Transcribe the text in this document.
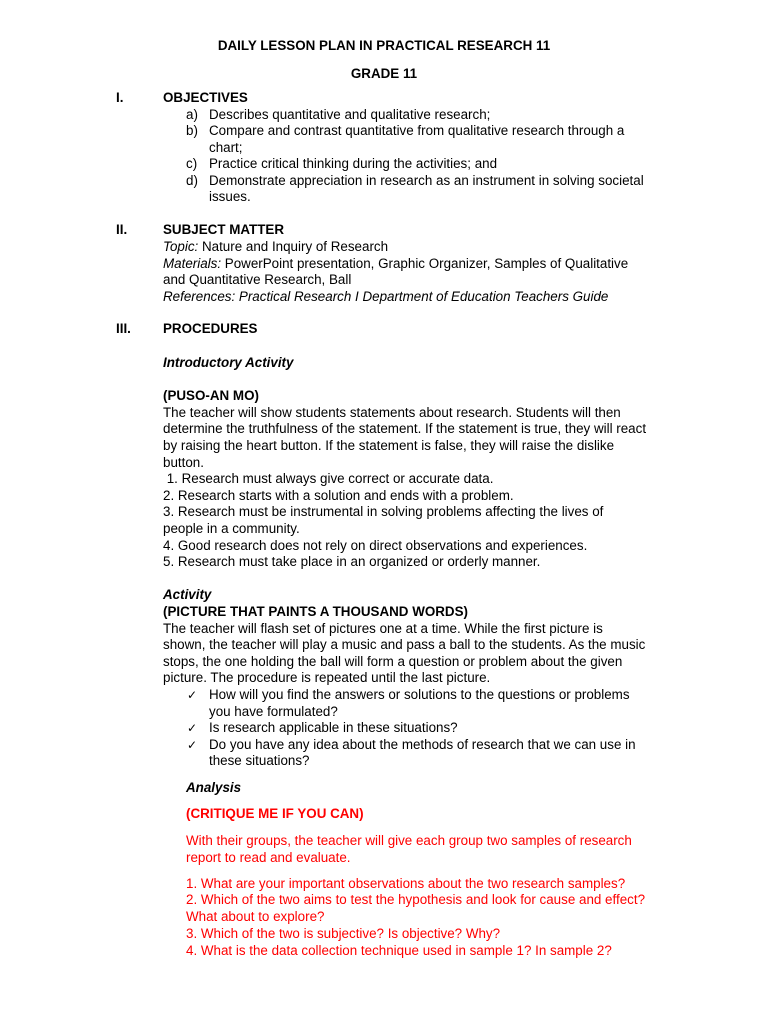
DAILY LESSON PLAN IN PRACTICAL RESEARCH 11
GRADE 11
I.	OBJECTIVES
a) Describes quantitative and qualitative research;
b) Compare and contrast quantitative from qualitative research through a
chart;
c) Practice critical thinking during the activities; and
d) Demonstrate appreciation in research as an instrument in solving societal
issues.
II.	SUBJECT MATTER
Topic: Nature and Inquiry of Research
Materials: PowerPoint presentation, Graphic Organizer, Samples of Qualitative
and Quantitative Research, Ball
References: Practical Research I Department of Education Teachers Guide
III. PROCEDURES
Introductory Activity
(PUSO-AN MO)
The teacher will show students statements about research. Students will then
determine the truthfulness of the statement. If the statement is true, they will react
by raising the heart button. If the statement is false, they will raise the dislike
button.
1. Research must always give correct or accurate data.
2. Research starts with a solution and ends with a problem.
3. Research must be instrumental in solving problems affecting the lives of
people in a community.
4. Good research does not rely on direct observations and experiences.
5. Research must take place in an organized or orderly manner.
Activity
(PICTURE THAT PAINTS A THOUSAND WORDS)
The teacher will flash set of pictures one at a time. While the first picture is
shown, the teacher will play a music and pass a ball to the students. As the music
stops, the one holding the ball will form a question or problem about the given
picture. The procedure is repeated until the last picture.
✓ How will you find the answers or solutions to the questions or problems
you have formulated?
✓ Is research applicable in these situations?
✓ Do you have any idea about the methods of research that we can use in
these situations?
Analysis
(CRITIQUE ME IF YOU CAN)
With their groups, the teacher will give each group two samples of research
report to read and evaluate.
1. What are your important observations about the two research samples?
2. Which of the two aims to test the hypothesis and look for cause and effect?
What about to explore?
3. Which of the two is subjective? Is objective? Why?
4. What is the data collection technique used in sample 1? In sample 2?
